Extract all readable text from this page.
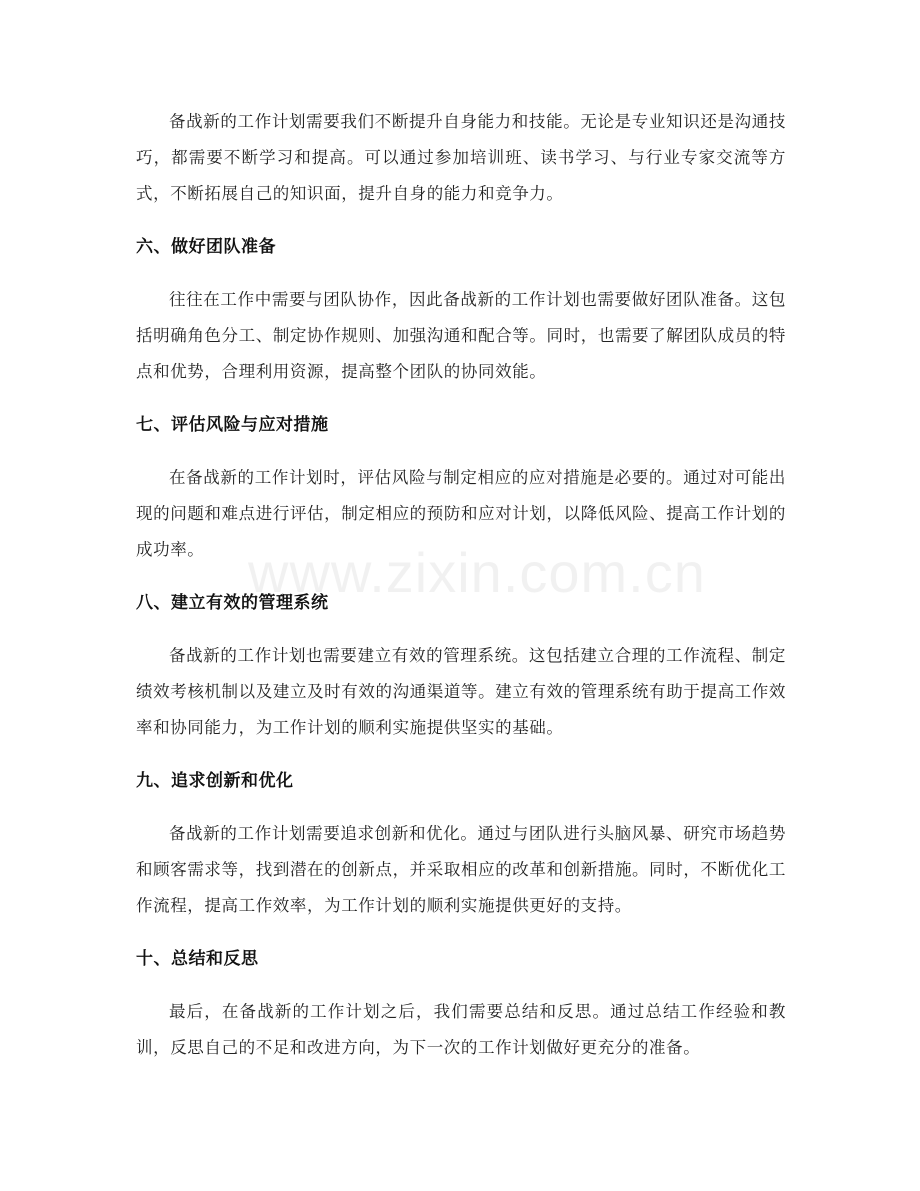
www.zixin.com.cn

备战新的工作计划需要我们不断提升自身能力和技能。无论是专业知识还是沟通技巧，都需要不断学习和提高。可以通过参加培训班、读书学习、与行业专家交流等方式，不断拓展自己的知识面，提升自身的能力和竞争力。

六、做好团队准备

往往在工作中需要与团队协作，因此备战新的工作计划也需要做好团队准备。这包括明确角色分工、制定协作规则、加强沟通和配合等。同时，也需要了解团队成员的特点和优势，合理利用资源，提高整个团队的协同效能。

七、评估风险与应对措施

在备战新的工作计划时，评估风险与制定相应的应对措施是必要的。通过对可能出现的问题和难点进行评估，制定相应的预防和应对计划，以降低风险、提高工作计划的成功率。

八、建立有效的管理系统

备战新的工作计划也需要建立有效的管理系统。这包括建立合理的工作流程、制定绩效考核机制以及建立及时有效的沟通渠道等。建立有效的管理系统有助于提高工作效率和协同能力，为工作计划的顺利实施提供坚实的基础。

九、追求创新和优化

备战新的工作计划需要追求创新和优化。通过与团队进行头脑风暴、研究市场趋势和顾客需求等，找到潜在的创新点，并采取相应的改革和创新措施。同时，不断优化工作流程，提高工作效率，为工作计划的顺利实施提供更好的支持。

十、总结和反思

最后，在备战新的工作计划之后，我们需要总结和反思。通过总结工作经验和教训，反思自己的不足和改进方向，为下一次的工作计划做好更充分的准备。
